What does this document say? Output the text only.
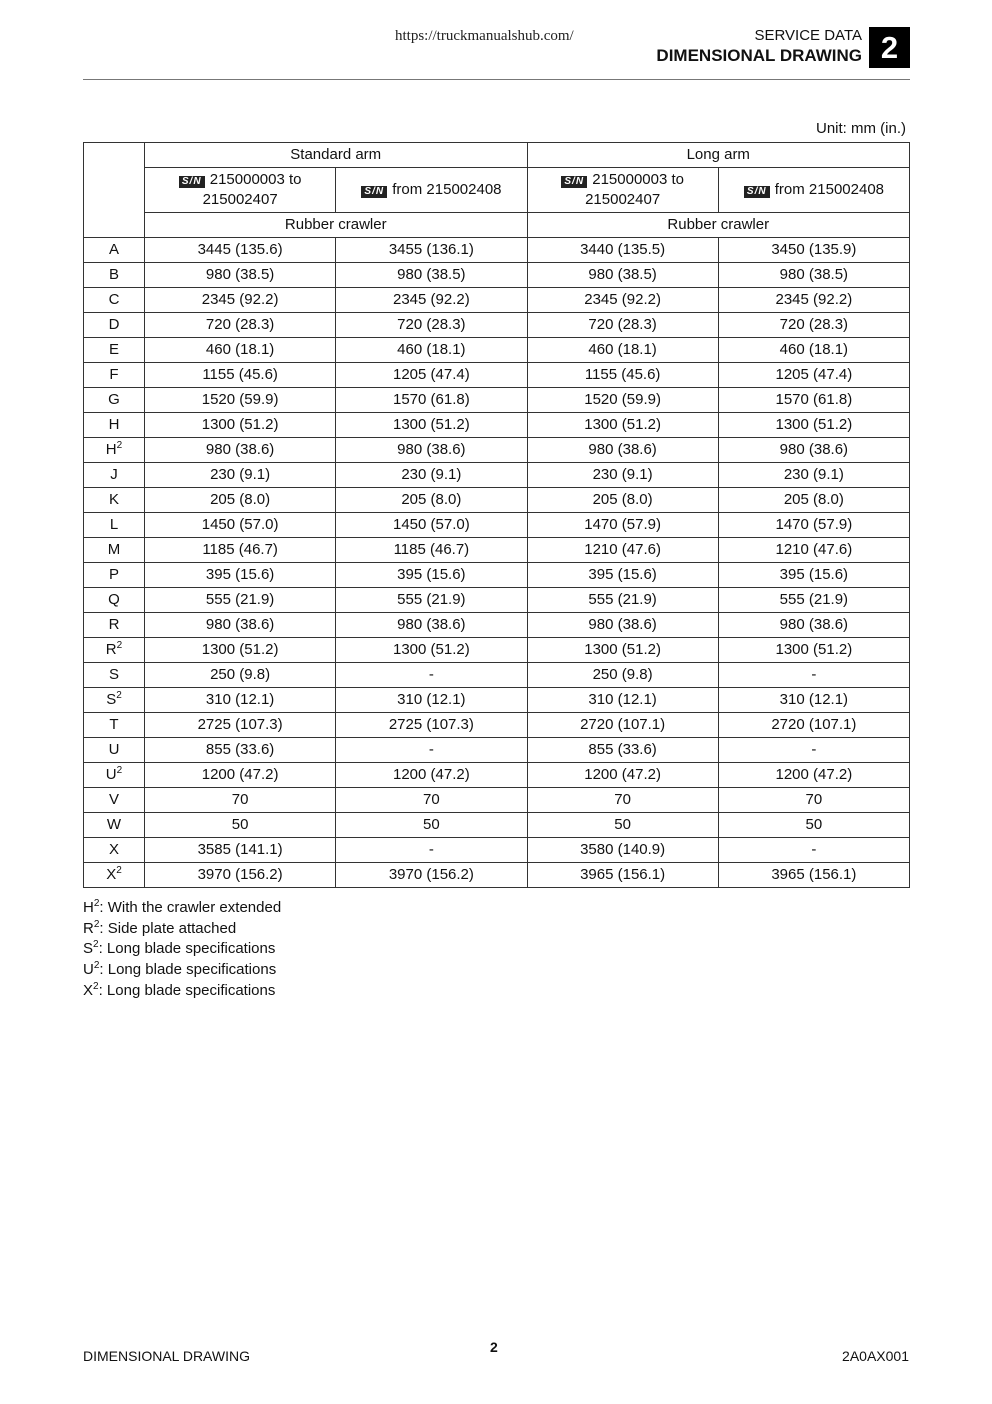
https://truckmanualshub.com/	SERVICE DATA
DIMENSIONAL DRAWING 2
Unit: mm (in.)
	Standard arm		Long arm	
	S/N 215000003 to 215002407	S/N from 215002408	S/N 215000003 to 215002407	S/N from 215002408
	Rubber crawler		Rubber crawler	
A	3445 (135.6)	3455 (136.1)	3440 (135.5)	3450 (135.9)
B	980 (38.5)	980 (38.5)	980 (38.5)	980 (38.5)
C	2345 (92.2)	2345 (92.2)	2345 (92.2)	2345 (92.2)
D	720 (28.3)	720 (28.3)	720 (28.3)	720 (28.3)
E	460 (18.1)	460 (18.1)	460 (18.1)	460 (18.1)
F	1155 (45.6)	1205 (47.4)	1155 (45.6)	1205 (47.4)
G	1520 (59.9)	1570 (61.8)	1520 (59.9)	1570 (61.8)
H	1300 (51.2)	1300 (51.2)	1300 (51.2)	1300 (51.2)
$H^2$	980 (38.6)	980 (38.6)	980 (38.6)	980 (38.6)
J	230 (9.1)	230 (9.1)	230 (9.1)	230 (9.1)
K	205 (8.0)	205 (8.0)	205 (8.0)	205 (8.0)
L	1450 (57.0)	1450 (57.0)	1470 (57.9)	1470 (57.9)
M	1185 (46.7)	1185 (46.7)	1210 (47.6)	1210 (47.6)
P	395 (15.6)	395 (15.6)	395 (15.6)	395 (15.6)
Q	555 (21.9)	555 (21.9)	555 (21.9)	555 (21.9)
R	980 (38.6)	980 (38.6)	980 (38.6)	980 (38.6)
$R^2$	1300 (51.2)	1300 (51.2)	1300 (51.2)	1300 (51.2)
S	250 (9.8)	-	250 (9.8)	-
$S^2$	310 (12.1)	310 (12.1)	310 (12.1)	310 (12.1)
T	2725 (107.3)	2725 (107.3)	2720 (107.1)	2720 (107.1)
U	855 (33.6)	-	855 (33.6)	-
$U^2$	1200 (47.2)	1200 (47.2)	1200 (47.2)	1200 (47.2)
V	70	70	70	70
W	50	50	50	50
X	3585 (141.1)	-	3580 (140.9)	-
$X^2$	3970 (156.2)	3970 (156.2)	3965 (156.1)	3965 (156.1)
$H^2$: With the crawler extended
$R^2$: Side plate attached
$S^2$: Long blade specifications
$U^2$: Long blade specifications
$X^2$: Long blade specifications
DIMENSIONAL DRAWING
2
2A0AX001
